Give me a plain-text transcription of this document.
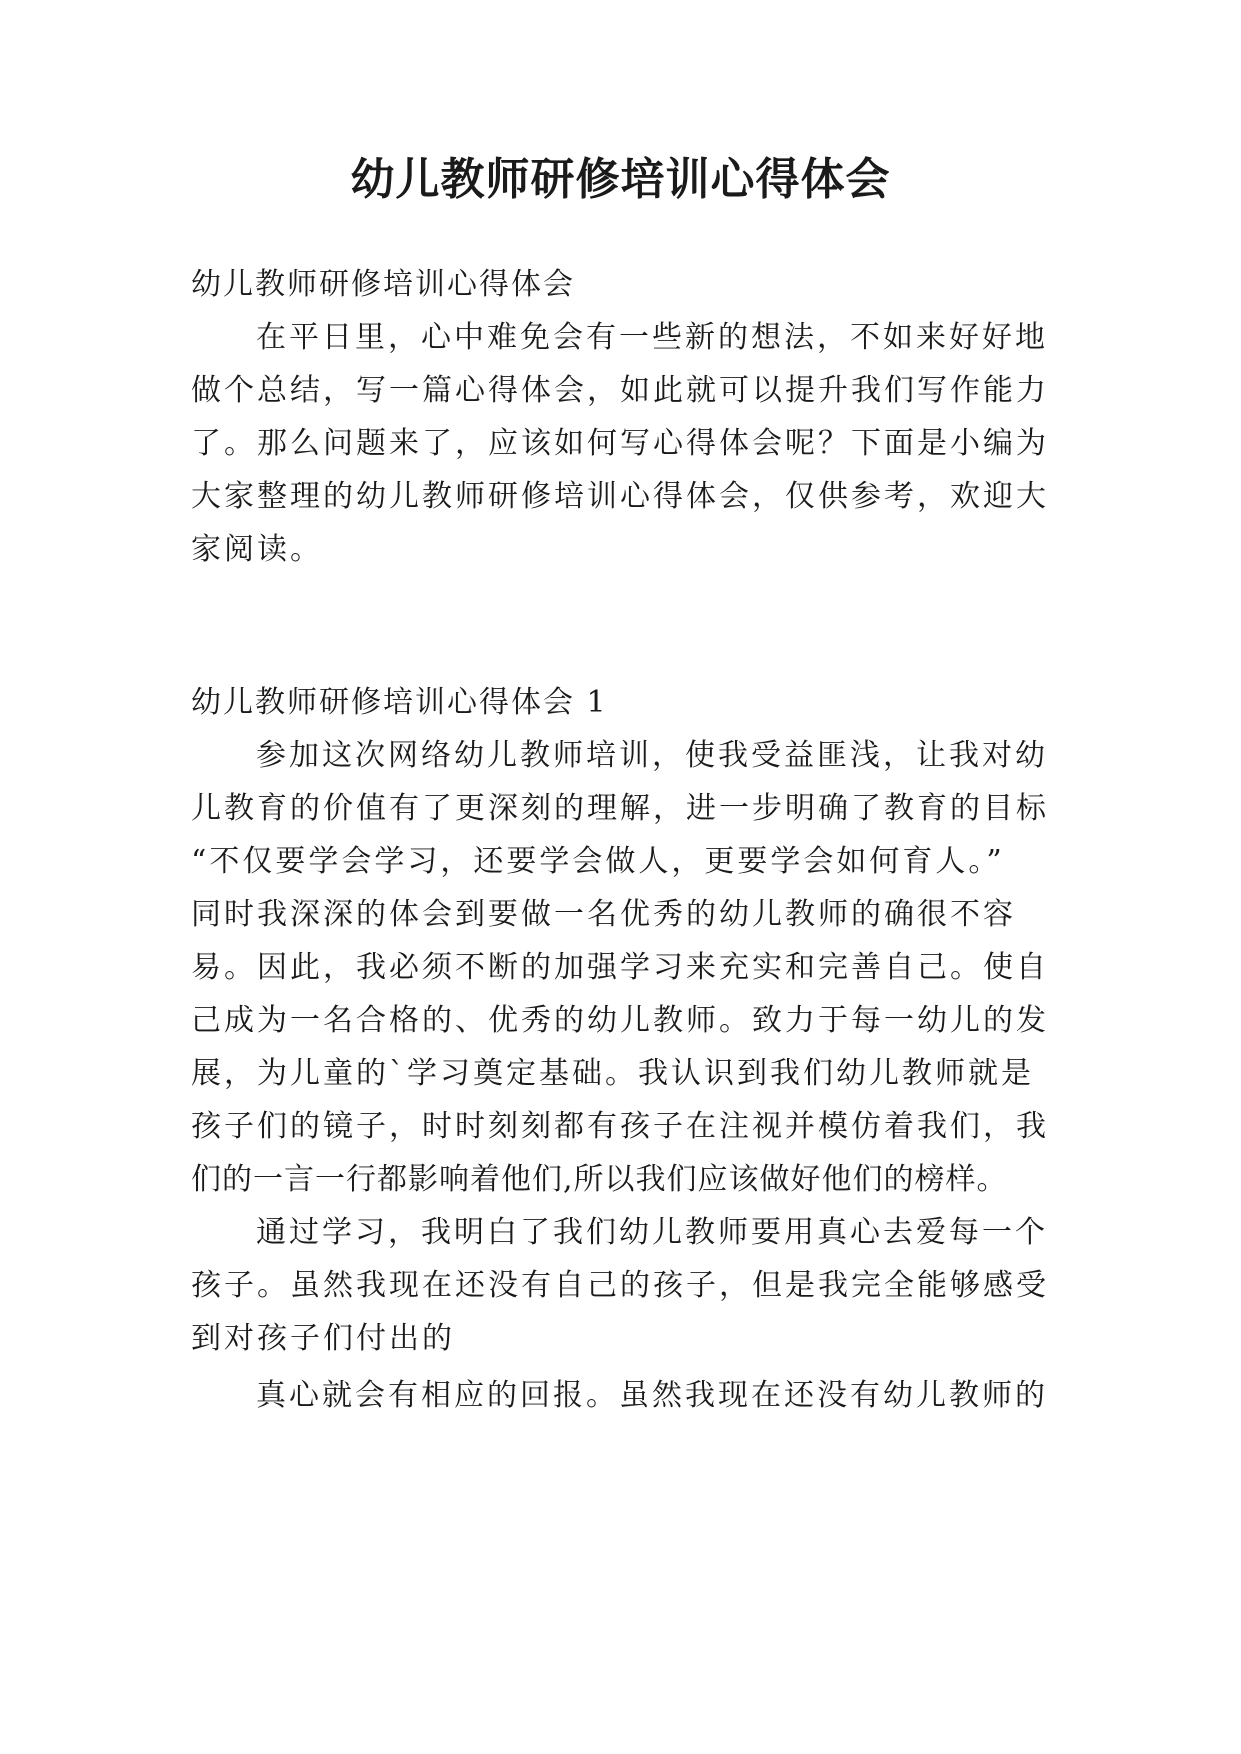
幼儿教师研修培训心得体会
幼儿教师研修培训心得体会
在平日里，心中难免会有一些新的想法，不如来好好地
做个总结，写一篇心得体会，如此就可以提升我们写作能力
了。那么问题来了，应该如何写心得体会呢？下面是小编为
大家整理的幼儿教师研修培训心得体会，仅供参考，欢迎大
家阅读。
幼儿教师研修培训心得体会 1
参加这次网络幼儿教师培训，使我受益匪浅，让我对幼
儿教育的价值有了更深刻的理解，进一步明确了教育的目标
“不仅要学会学习，还要学会做人，更要学会如何育人。”
同时我深深的体会到要做一名优秀的幼儿教师的确很不容
易。因此，我必须不断的加强学习来充实和完善自己。使自
己成为一名合格的、优秀的幼儿教师。致力于每一幼儿的发
展，为儿童的`学习奠定基础。我认识到我们幼儿教师就是
孩子们的镜子，时时刻刻都有孩子在注视并模仿着我们，我
们的一言一行都影响着他们,所以我们应该做好他们的榜样。
通过学习，我明白了我们幼儿教师要用真心去爱每一个
孩子。虽然我现在还没有自己的孩子，但是我完全能够感受
到对孩子们付出的
真心就会有相应的回报。虽然我现在还没有幼儿教师的
